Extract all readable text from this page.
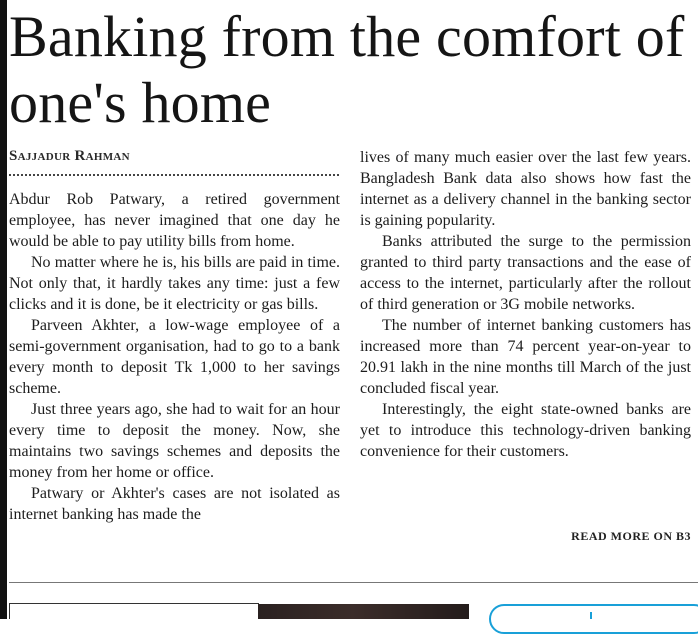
Banking from the comfort of one's home
Sajjadur Rahman

Abdur Rob Patwary, a retired government employee, has never imagined that one day he would be able to pay utility bills from home.

No matter where he is, his bills are paid in time. Not only that, it hardly takes any time: just a few clicks and it is done, be it electricity or gas bills.

Parveen Akhter, a low-wage employee of a semi-government organisation, had to go to a bank every month to deposit Tk 1,000 to her savings scheme.

Just three years ago, she had to wait for an hour every time to deposit the money. Now, she maintains two savings schemes and deposits the money from her home or office.

Patwary or Akhter's cases are not isolated as internet banking has made the

lives of many much easier over the last few years. Bangladesh Bank data also shows how fast the internet as a delivery channel in the banking sector is gaining popularity.

Banks attributed the surge to the permission granted to third party transactions and the ease of access to the internet, particularly after the rollout of third generation or 3G mobile networks.

The number of internet banking customers has increased more than 74 percent year-on-year to 20.91 lakh in the nine months till March of the just concluded fiscal year.

Interestingly, the eight state-owned banks are yet to introduce this technology-driven banking convenience for their customers.

READ MORE ON B3
